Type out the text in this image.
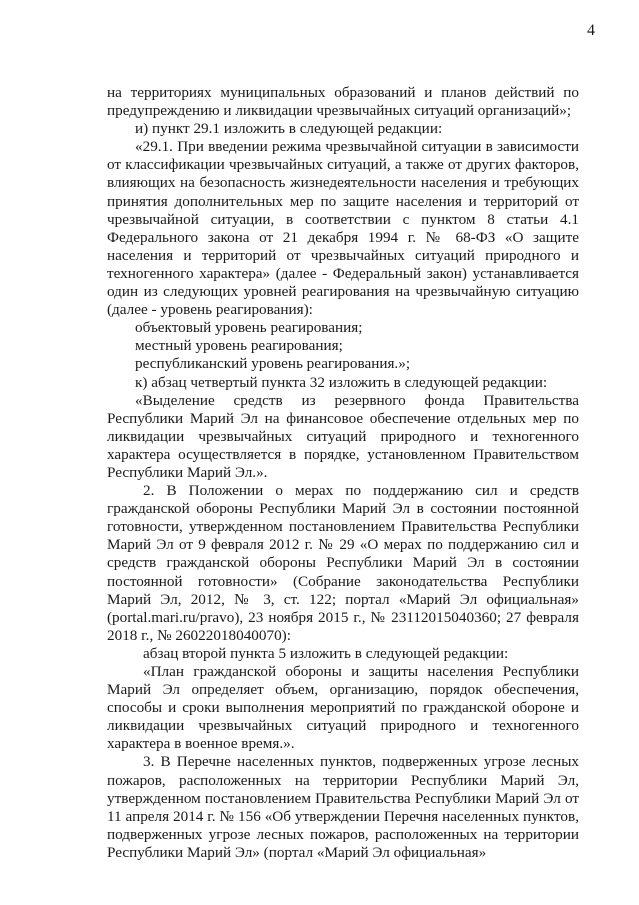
4

на территориях муниципальных образований и планов действий по предупреждению и ликвидации чрезвычайных ситуаций организаций»;

и) пункт 29.1 изложить в следующей редакции:

«29.1. При введении режима чрезвычайной ситуации в зависимости от классификации чрезвычайных ситуаций, а также от других факторов, влияющих на безопасность жизнедеятельности населения и требующих принятия дополнительных мер по защите населения и территорий от чрезвычайной ситуации, в соответствии с пунктом 8 статьи 4.1 Федерального закона от 21 декабря 1994 г. № 68-ФЗ «О защите населения и территорий от чрезвычайных ситуаций природного и техногенного характера» (далее - Федеральный закон) устанавливается один из следующих уровней реагирования на чрезвычайную ситуацию (далее - уровень реагирования):

объектовый уровень реагирования;

местный уровень реагирования;

республиканский уровень реагирования.»;

к) абзац четвертый пункта 32 изложить в следующей редакции:

«Выделение средств из резервного фонда Правительства Республики Марий Эл на финансовое обеспечение отдельных мер по ликвидации чрезвычайных ситуаций природного и техногенного характера осуществляется в порядке, установленном Правительством Республики Марий Эл.».

2. В Положении о мерах по поддержанию сил и средств гражданской обороны Республики Марий Эл в состоянии постоянной готовности, утвержденном постановлением Правительства Республики Марий Эл от 9 февраля 2012 г. № 29 «О мерах по поддержанию сил и средств гражданской обороны Республики Марий Эл в состоянии постоянной готовности» (Собрание законодательства Республики Марий Эл, 2012, № 3, ст. 122; портал «Марий Эл официальная» (portal.mari.ru/pravo), 23 ноября 2015 г., № 23112015040360; 27 февраля 2018 г., № 26022018040070):

абзац второй пункта 5 изложить в следующей редакции:

«План гражданской обороны и защиты населения Республики Марий Эл определяет объем, организацию, порядок обеспечения, способы и сроки выполнения мероприятий по гражданской обороне и ликвидации чрезвычайных ситуаций природного и техногенного характера в военное время.».

3. В Перечне населенных пунктов, подверженных угрозе лесных пожаров, расположенных на территории Республики Марий Эл, утвержденном постановлением Правительства Республики Марий Эл от 11 апреля 2014 г. № 156 «Об утверждении Перечня населенных пунктов, подверженных угрозе лесных пожаров, расположенных на территории Республики Марий Эл» (портал «Марий Эл официальная»
